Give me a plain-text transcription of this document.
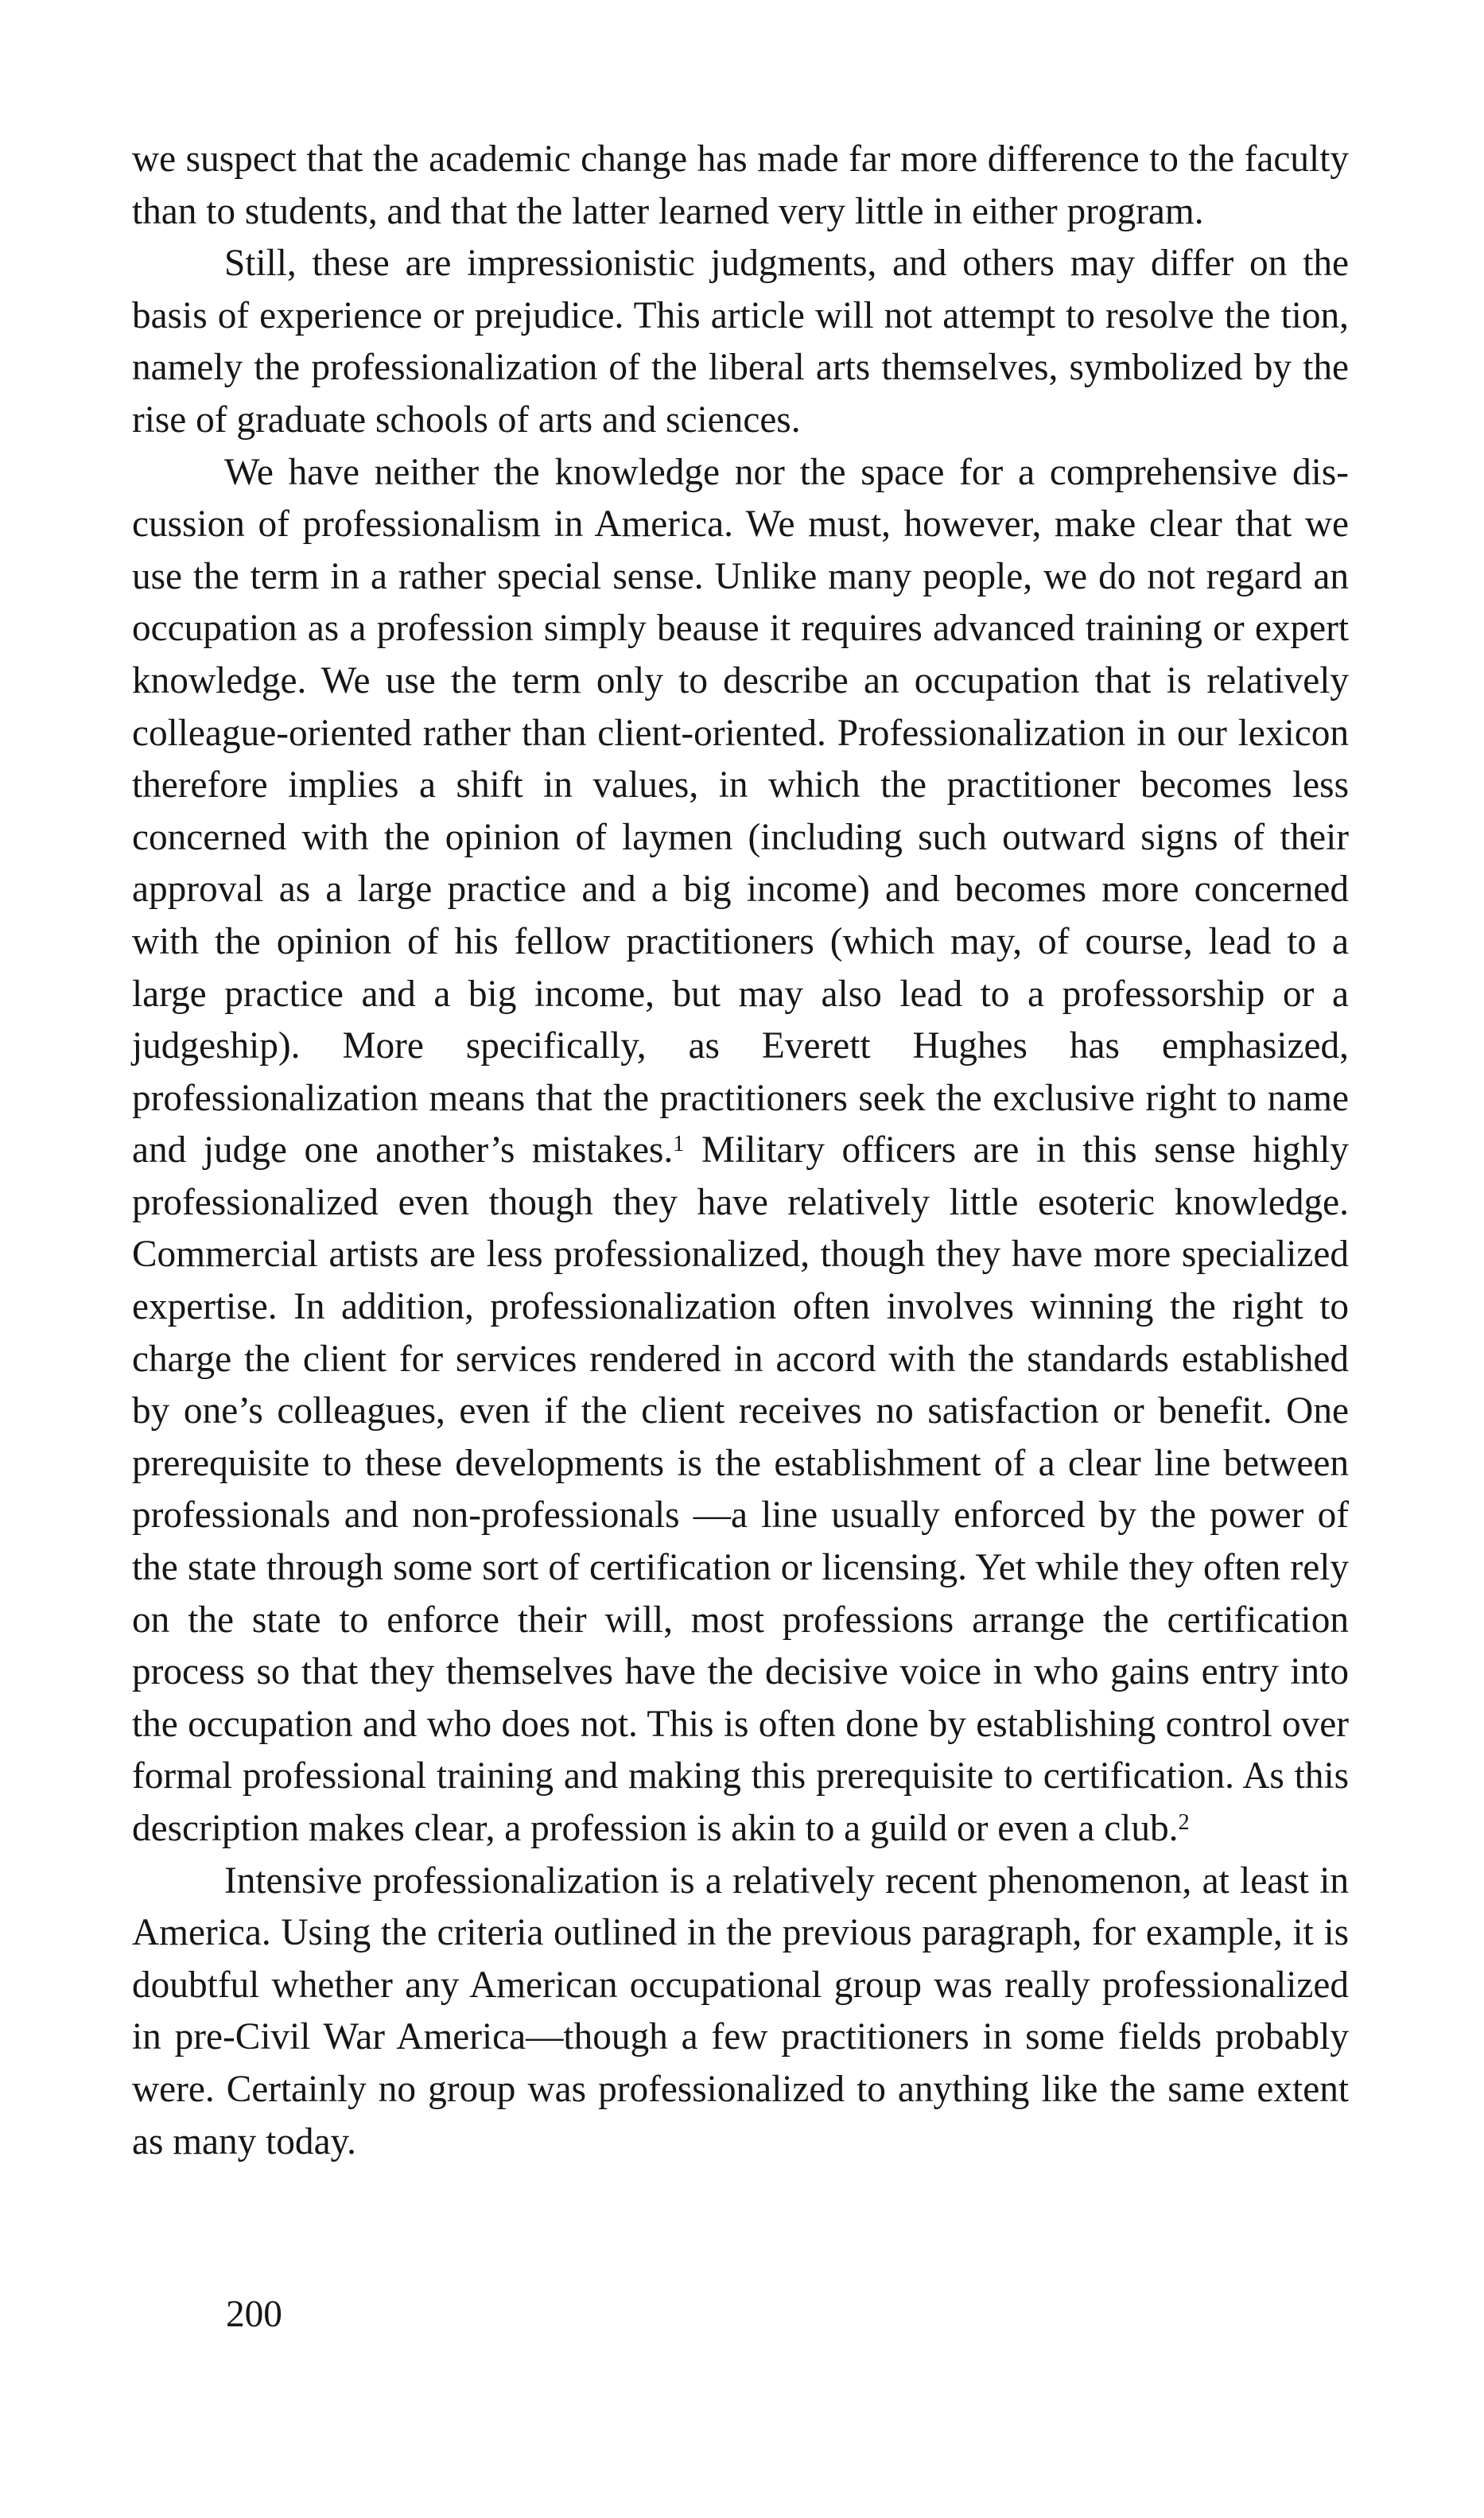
we suspect that the academic change has made far more difference to the faculty than to students, and that the latter learned very little in either program.

Still, these are impressionistic judgments, and others may differ on the basis of experience or prejudice. This article will not attempt to resolve the tion, namely the professionalization of the liberal arts themselves, symbolized by the rise of graduate schools of arts and sciences.

We have neither the knowledge nor the space for a comprehensive discussion of professionalism in America. We must, however, make clear that we use the term in a rather special sense. Unlike many people, we do not regard an occupation as a profession simply beause it requires advanced training or expert knowledge. We use the term only to describe an occupation that is relatively colleague-oriented rather than client-oriented. Professionalization in our lexicon therefore implies a shift in values, in which the practitioner becomes less concerned with the opinion of laymen (including such outward signs of their approval as a large practice and a big income) and becomes more concerned with the opinion of his fellow practitioners (which may, of course, lead to a large practice and a big income, but may also lead to a professorship or a judgeship). More specifically, as Everett Hughes has emphasized, professionalization means that the practitioners seek the exclusive right to name and judge one another’s mistakes.$^1$ Military officers are in this sense highly professionalized even though they have relatively little esoteric knowledge. Commercial artists are less professionalized, though they have more specialized expertise. In addition, professionalization often involves winning the right to charge the client for services rendered in accord with the standards established by one’s colleagues, even if the client receives no satisfaction or benefit. One prerequisite to these developments is the establishment of a clear line between professionals and non-professionals —a line usually enforced by the power of the state through some sort of certification or licensing. Yet while they often rely on the state to enforce their will, most professions arrange the certification process so that they themselves have the decisive voice in who gains entry into the occupation and who does not. This is often done by establishing control over formal professional training and making this prerequisite to certification. As this description makes clear, a profession is akin to a guild or even a club.$^2$

Intensive professionalization is a relatively recent phenomenon, at least in America. Using the criteria outlined in the previous paragraph, for example, it is doubtful whether any American occupational group was really professionalized in pre-Civil War America—though a few practitioners in some fields probably were. Certainly no group was professionalized to anything like the same extent as many today.

200
